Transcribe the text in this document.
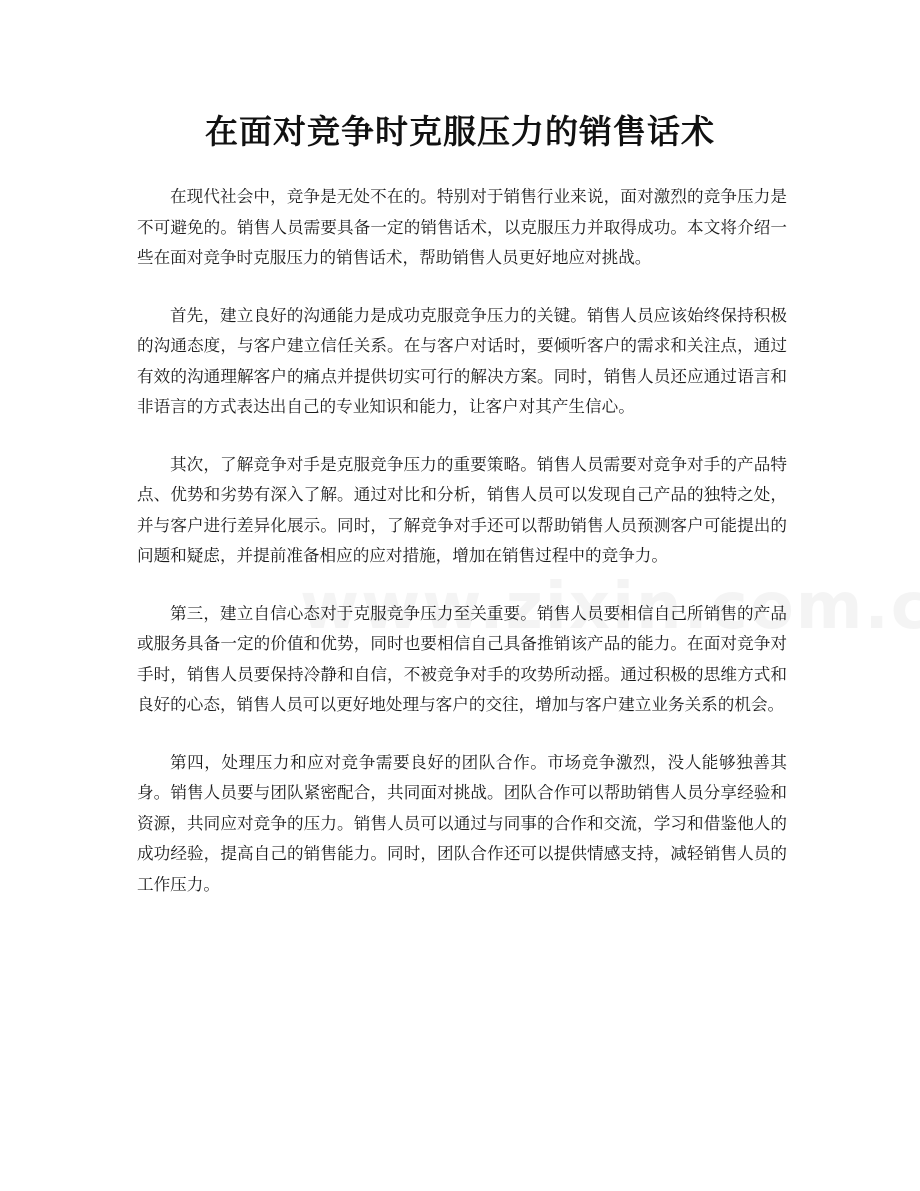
在面对竞争时克服压力的销售话术

在现代社会中，竞争是无处不在的。特别对于销售行业来说，面对激烈的竞争压力是不可避免的。销售人员需要具备一定的销售话术，以克服压力并取得成功。本文将介绍一些在面对竞争时克服压力的销售话术，帮助销售人员更好地应对挑战。

首先，建立良好的沟通能力是成功克服竞争压力的关键。销售人员应该始终保持积极的沟通态度，与客户建立信任关系。在与客户对话时，要倾听客户的需求和关注点，通过有效的沟通理解客户的痛点并提供切实可行的解决方案。同时，销售人员还应通过语言和非语言的方式表达出自己的专业知识和能力，让客户对其产生信心。

其次，了解竞争对手是克服竞争压力的重要策略。销售人员需要对竞争对手的产品特点、优势和劣势有深入了解。通过对比和分析，销售人员可以发现自己产品的独特之处，并与客户进行差异化展示。同时，了解竞争对手还可以帮助销售人员预测客户可能提出的问题和疑虑，并提前准备相应的应对措施，增加在销售过程中的竞争力。

第三，建立自信心态对于克服竞争压力至关重要。销售人员要相信自己所销售的产品或服务具备一定的价值和优势，同时也要相信自己具备推销该产品的能力。在面对竞争对手时，销售人员要保持冷静和自信，不被竞争对手的攻势所动摇。通过积极的思维方式和良好的心态，销售人员可以更好地处理与客户的交往，增加与客户建立业务关系的机会。

第四，处理压力和应对竞争需要良好的团队合作。市场竞争激烈，没人能够独善其身。销售人员要与团队紧密配合，共同面对挑战。团队合作可以帮助销售人员分享经验和资源，共同应对竞争的压力。销售人员可以通过与同事的合作和交流，学习和借鉴他人的成功经验，提高自己的销售能力。同时，团队合作还可以提供情感支持，减轻销售人员的工作压力。
